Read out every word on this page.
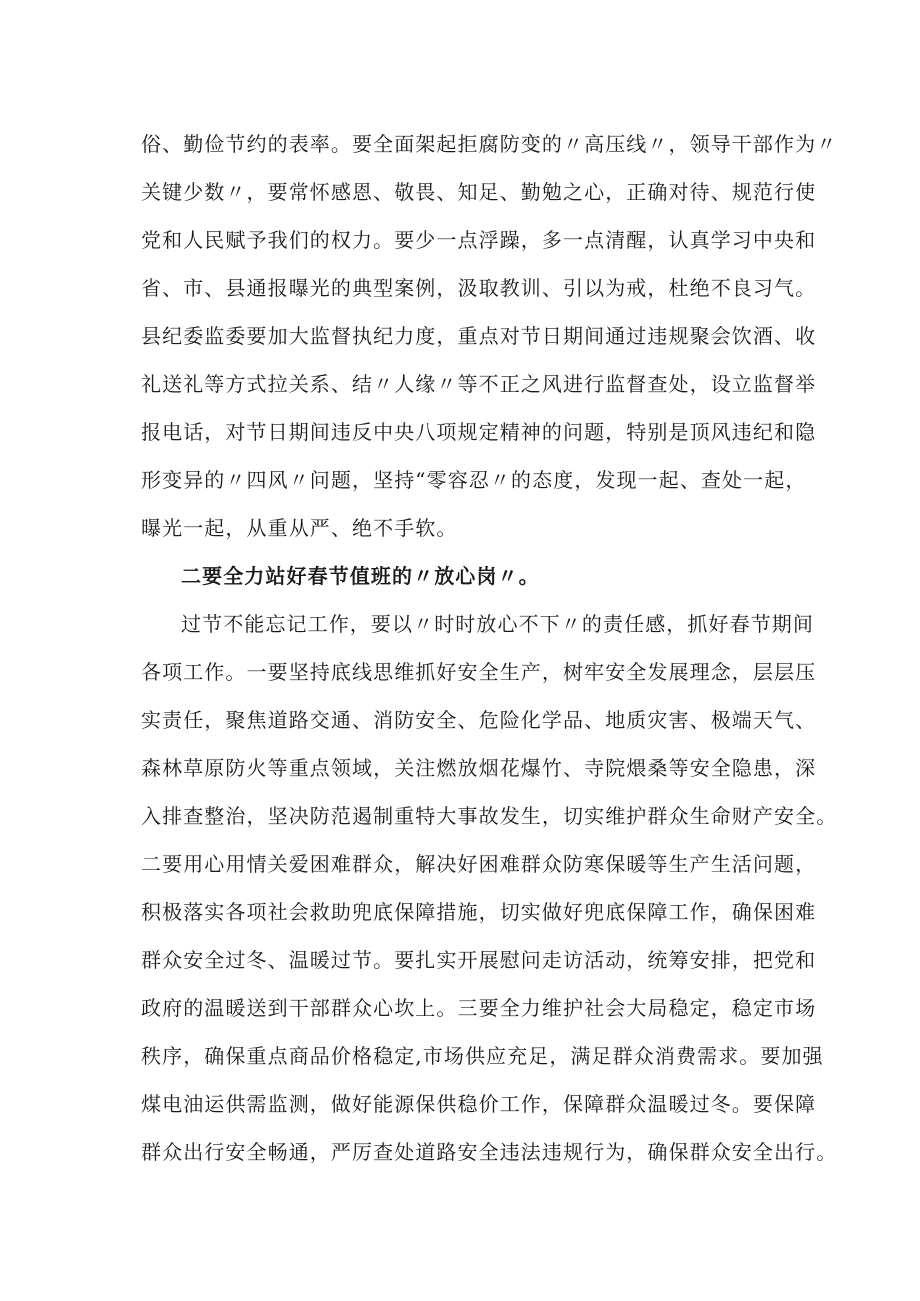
俗、勤俭节约的表率。要全面架起拒腐防变的〃高压线〃，领导干部作为〃
关键少数〃，要常怀感恩、敬畏、知足、勤勉之心，正确对待、规范行使
党和人民赋予我们的权力。要少一点浮躁，多一点清醒，认真学习中央和
省、市、县通报曝光的典型案例，汲取教训、引以为戒，杜绝不良习气。
县纪委监委要加大监督执纪力度，重点对节日期间通过违规聚会饮酒、收
礼送礼等方式拉关系、结〃人缘〃等不正之风进行监督查处，设立监督举
报电话，对节日期间违反中央八项规定精神的问题，特别是顶风违纪和隐
形变异的〃四风〃问题，坚持“零容忍〃的态度，发现一起、查处一起，
曝光一起，从重从严、绝不手软。
二要全力站好春节值班的〃放心岗〃。
过节不能忘记工作，要以〃时时放心不下〃的责任感，抓好春节期间
各项工作。一要坚持底线思维抓好安全生产，树牢安全发展理念，层层压
实责任，聚焦道路交通、消防安全、危险化学品、地质灾害、极端天气、
森林草原防火等重点领域，关注燃放烟花爆竹、寺院煨桑等安全隐患，深
入排查整治，坚决防范遏制重特大事故发生，切实维护群众生命财产安全。
二要用心用情关爱困难群众，解决好困难群众防寒保暖等生产生活问题，
积极落实各项社会救助兜底保障措施，切实做好兜底保障工作，确保困难
群众安全过冬、温暖过节。要扎实开展慰问走访活动，统筹安排，把党和
政府的温暖送到干部群众心坎上。三要全力维护社会大局稳定，稳定市场
秩序，确保重点商品价格稳定,市场供应充足，满足群众消费需求。要加强
煤电油运供需监测，做好能源保供稳价工作，保障群众温暖过冬。要保障
群众出行安全畅通，严厉查处道路安全违法违规行为，确保群众安全出行。
